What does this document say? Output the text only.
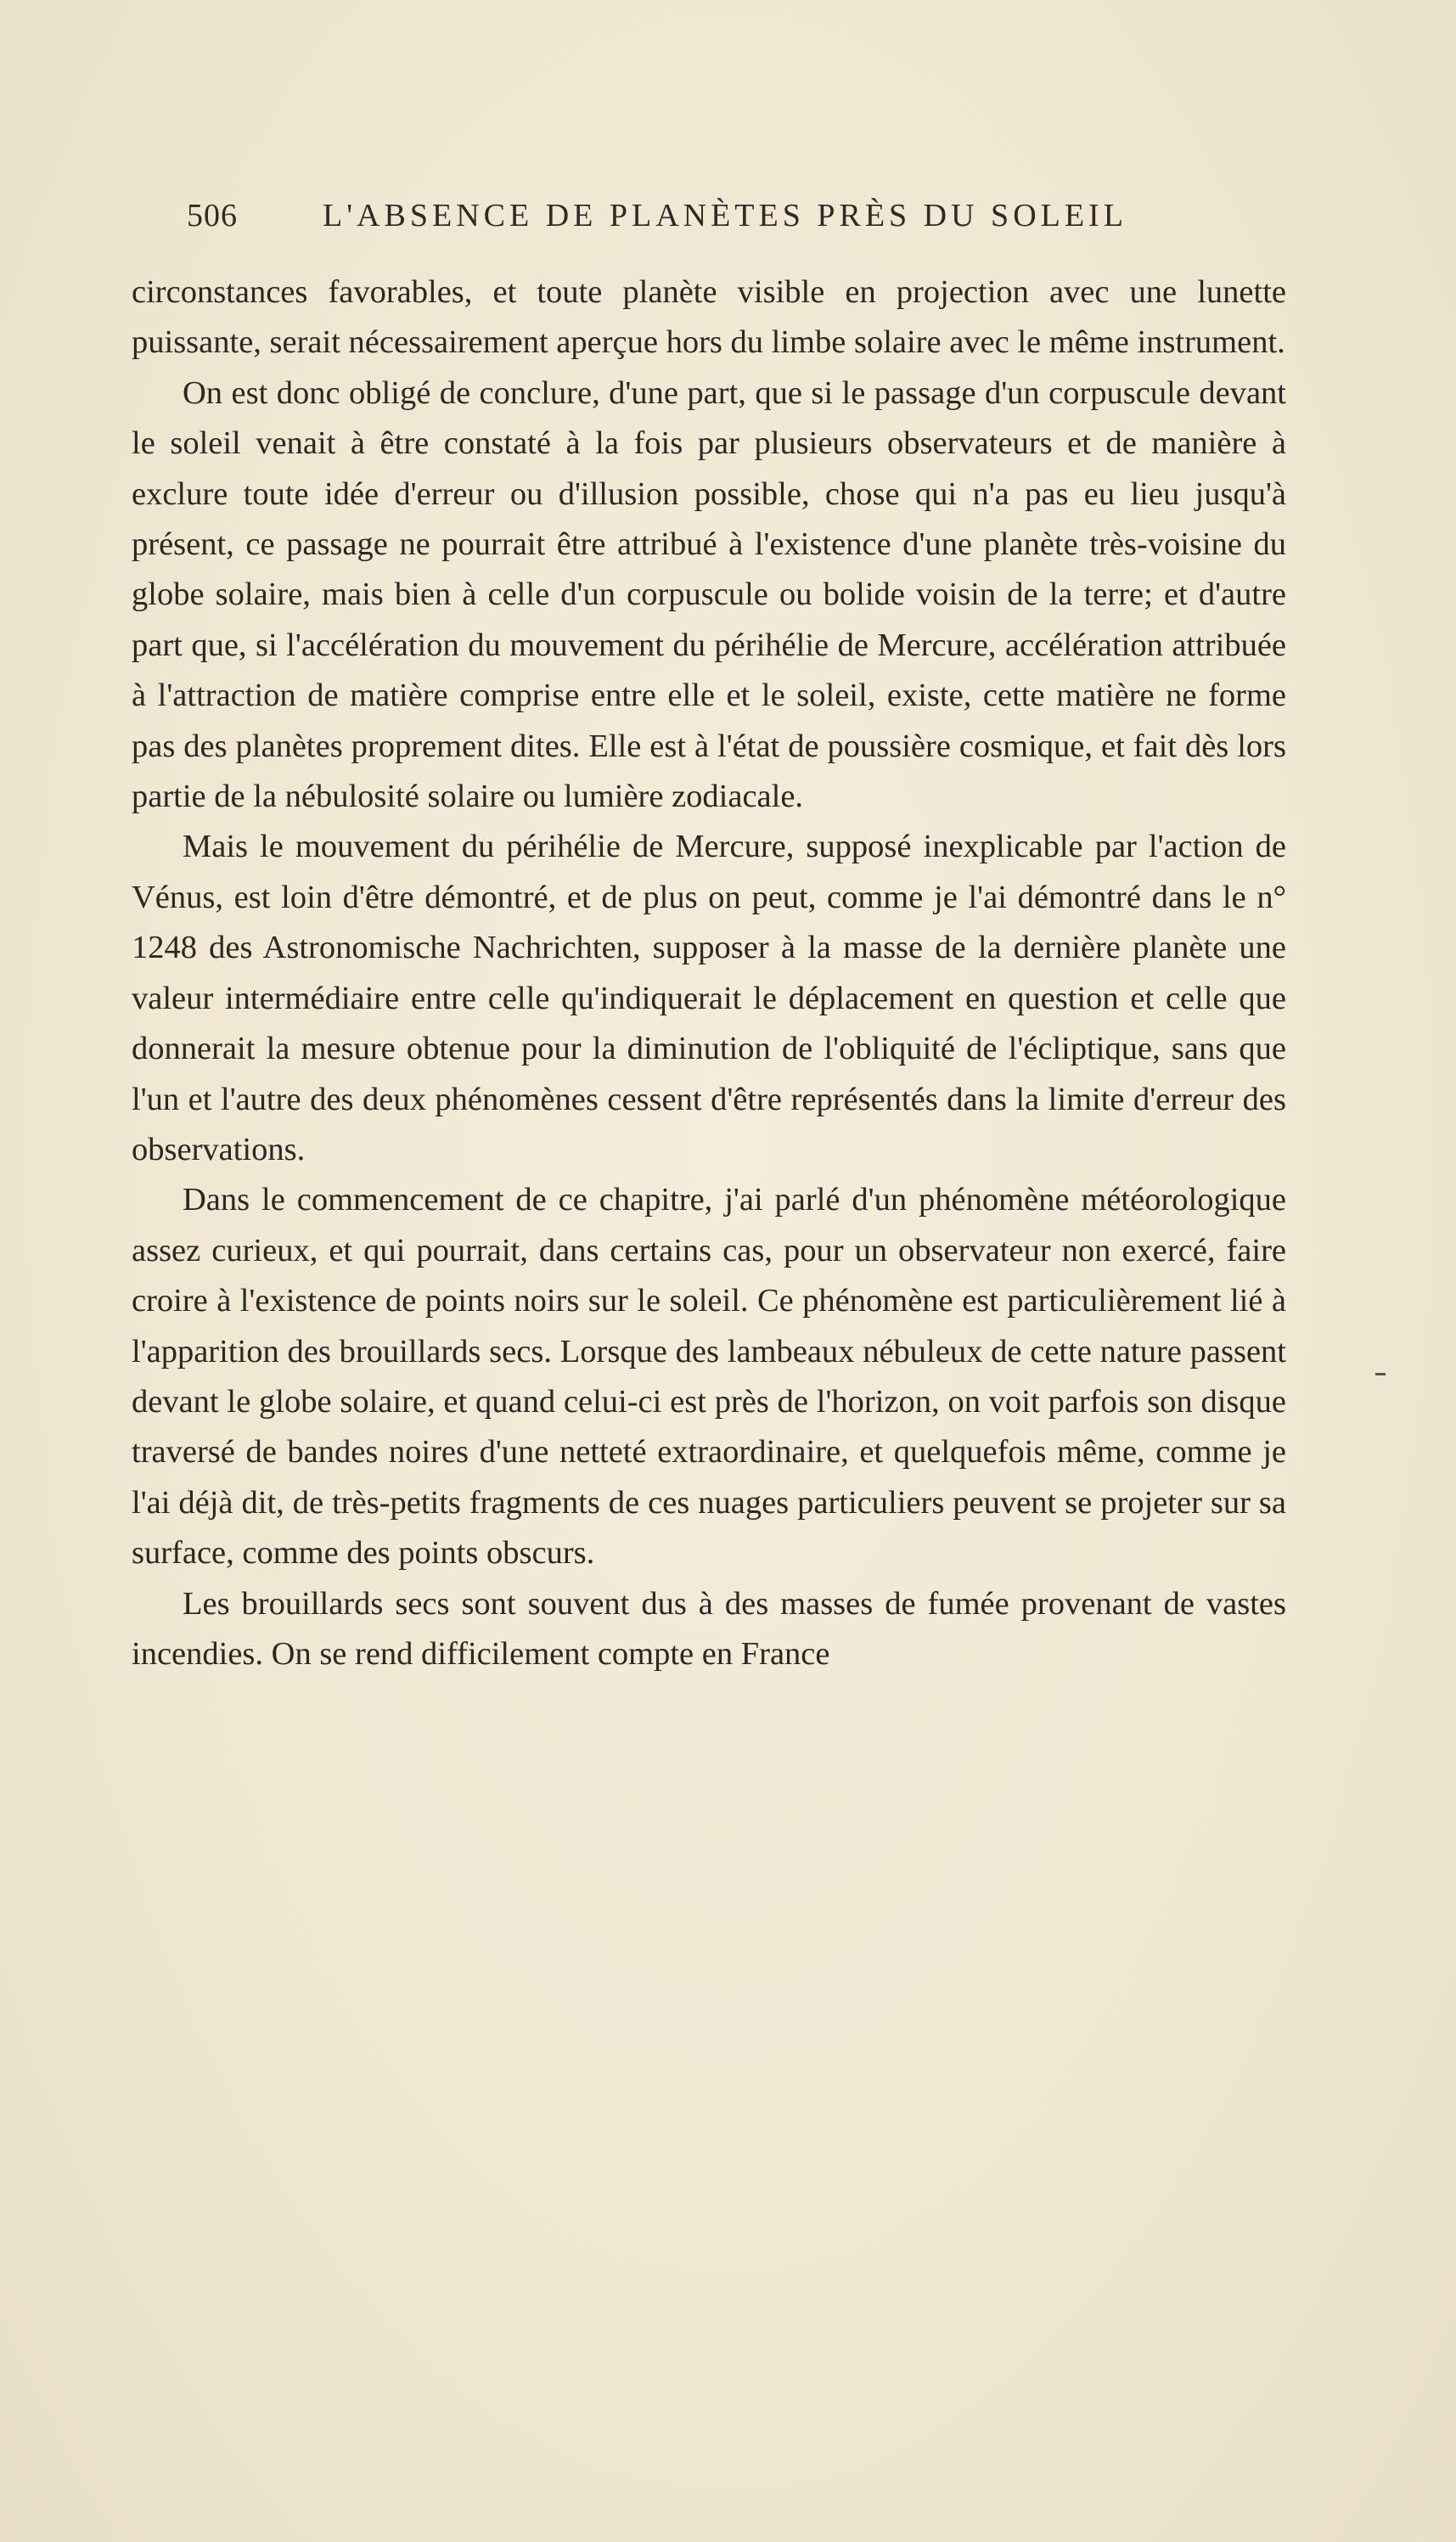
506	L'ABSENCE DE PLANÈTES PRÈS DU SOLEIL

circonstances favorables, et toute planète visible en projection avec une lunette puissante, serait nécessairement aperçue hors du limbe solaire avec le même instrument.

On est donc obligé de conclure, d'une part, que si le passage d'un corpuscule devant le soleil venait à être constaté à la fois par plusieurs observateurs et de manière à exclure toute idée d'erreur ou d'illusion possible, chose qui n'a pas eu lieu jusqu'à présent, ce passage ne pourrait être attribué à l'existence d'une planète très-voisine du globe solaire, mais bien à celle d'un corpuscule ou bolide voisin de la terre; et d'autre part que, si l'accélération du mouvement du périhélie de Mercure, accélération attribuée à l'attraction de matière comprise entre elle et le soleil, existe, cette matière ne forme pas des planètes proprement dites. Elle est à l'état de poussière cosmique, et fait dès lors partie de la nébulosité solaire ou lumière zodiacale.

Mais le mouvement du périhélie de Mercure, supposé inexplicable par l'action de Vénus, est loin d'être démontré, et de plus on peut, comme je l'ai démontré dans le n° 1248 des Astronomische Nachrichten, supposer à la masse de la dernière planète une valeur intermédiaire entre celle qu'indiquerait le déplacement en question et celle que donnerait la mesure obtenue pour la diminution de l'obliquité de l'écliptique, sans que l'un et l'autre des deux phénomènes cessent d'être représentés dans la limite d'erreur des observations.

Dans le commencement de ce chapitre, j'ai parlé d'un phénomène météorologique assez curieux, et qui pourrait, dans certains cas, pour un observateur non exercé, faire croire à l'existence de points noirs sur le soleil. Ce phénomène est particulièrement lié à l'apparition des brouillards secs. Lorsque des lambeaux nébuleux de cette nature passent devant le globe solaire, et quand celui-ci est près de l'horizon, on voit parfois son disque traversé de bandes noires d'une netteté extraordinaire, et quelquefois même, comme je l'ai déjà dit, de très-petits fragments de ces nuages particuliers peuvent se projeter sur sa surface, comme des points obscurs.

Les brouillards secs sont souvent dus à des masses de fumée provenant de vastes incendies. On se rend difficilement compte en France
